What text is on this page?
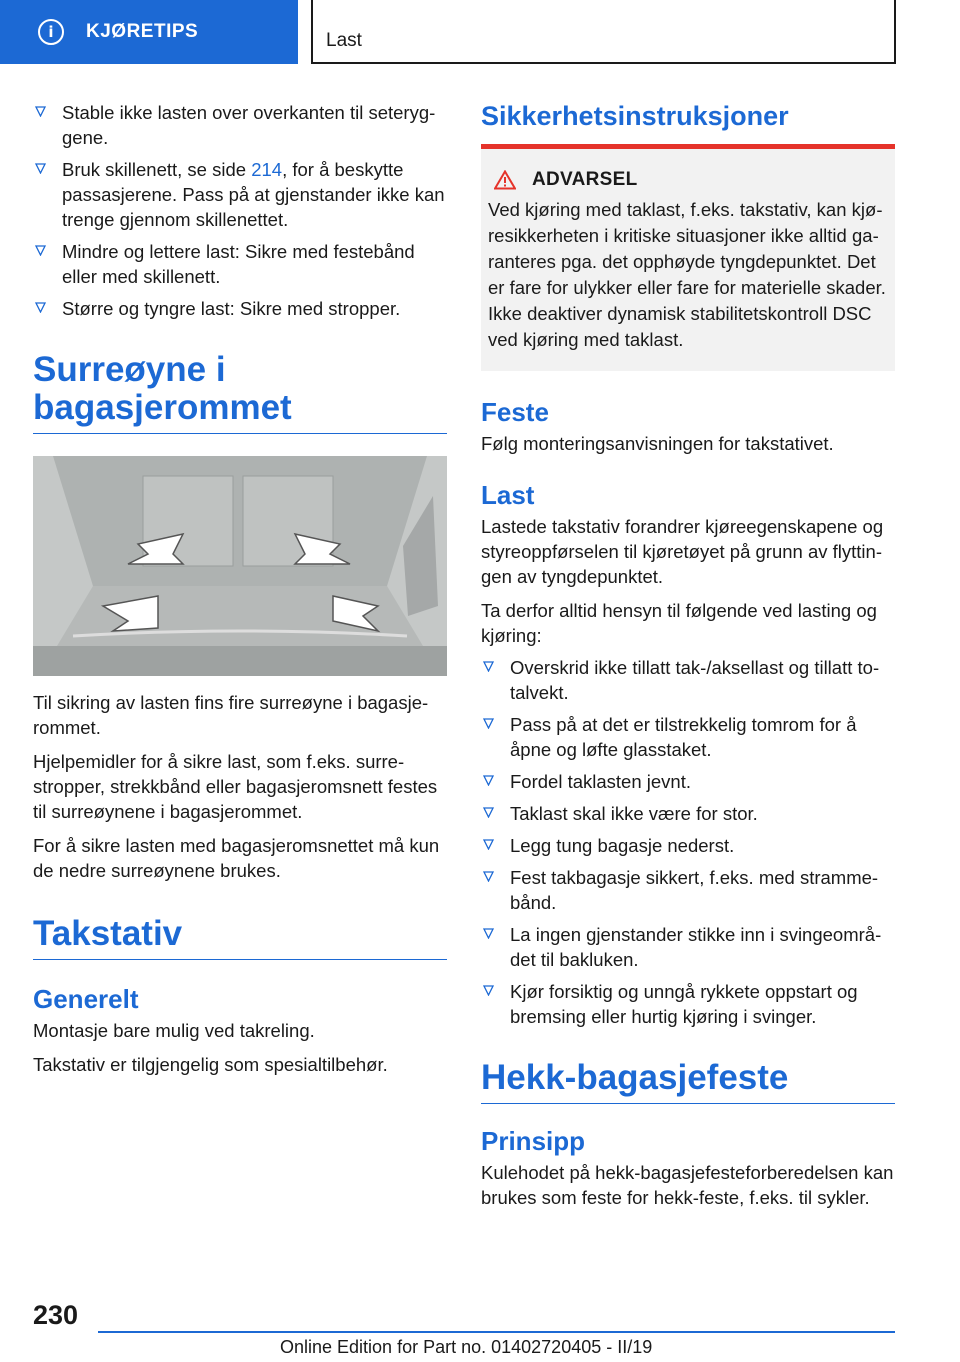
i	KJØRETIPS	Last
Stable ikke lasten over overkanten til seteryggene.
Bruk skillenett, se side 214, for å beskytte passasjerene. Pass på at gjenstander ikke kan trenge gjennom skillenettet.
Mindre og lettere last: Sikre med festebånd eller med skillenett.
Større og tyngre last: Sikre med stropper.
Surreøyne i bagasjerommet

Til sikring av lasten fins fire surreøyne i bagasjerommet.

Hjelpemidler for å sikre last, som f.eks. surrestropper, strekkbånd eller bagasjeromsnett festes til surreøynene i bagasjerommet.

For å sikre lasten med bagasjeromsnettet må kun de nedre surreøynene brukes.

Takstativ
Generelt

Montasje bare mulig ved takreling.

Takstativ er tilgjengelig som spesialtilbehør.

Sikkerhetsinstruksjoner
ADVARSEL
Ved kjøring med taklast, f.eks. takstativ, kan kjøresikkerheten i kritiske situasjoner ikke alltid garanteres pga. det opphøyde tyngdepunktet. Det er fare for ulykker eller fare for materielle skader. Ikke deaktiver dynamisk stabilitetskontroll DSC ved kjøring med taklast.
Feste

Følg monteringsanvisningen for takstativet.

Last

Lastede takstativ forandrer kjøreegenskapene og styreoppførselen til kjøretøyet på grunn av flyttingen av tyngdepunktet.

Ta derfor alltid hensyn til følgende ved lasting og kjøring:

Overskrid ikke tillatt tak-/aksellast og tillatt totalvekt.
Pass på at det er tilstrekkelig tomrom for å åpne og løfte glasstaket.
Fordel taklasten jevnt.
Taklast skal ikke være for stor.
Legg tung bagasje nederst.
Fest takbagasje sikkert, f.eks. med strammebånd.
La ingen gjenstander stikke inn i svingeområdet til bakluken.
Kjør forsiktig og unngå rykkete oppstart og bremsing eller hurtig kjøring i svinger.
Hekk-bagasjefeste
Prinsipp

Kulehodet på hekk-bagasjefesteforberedelsen kan brukes som feste for hekk-feste, f.eks. til sykler.

230
Online Edition for Part no. 01402720405 - II/19
